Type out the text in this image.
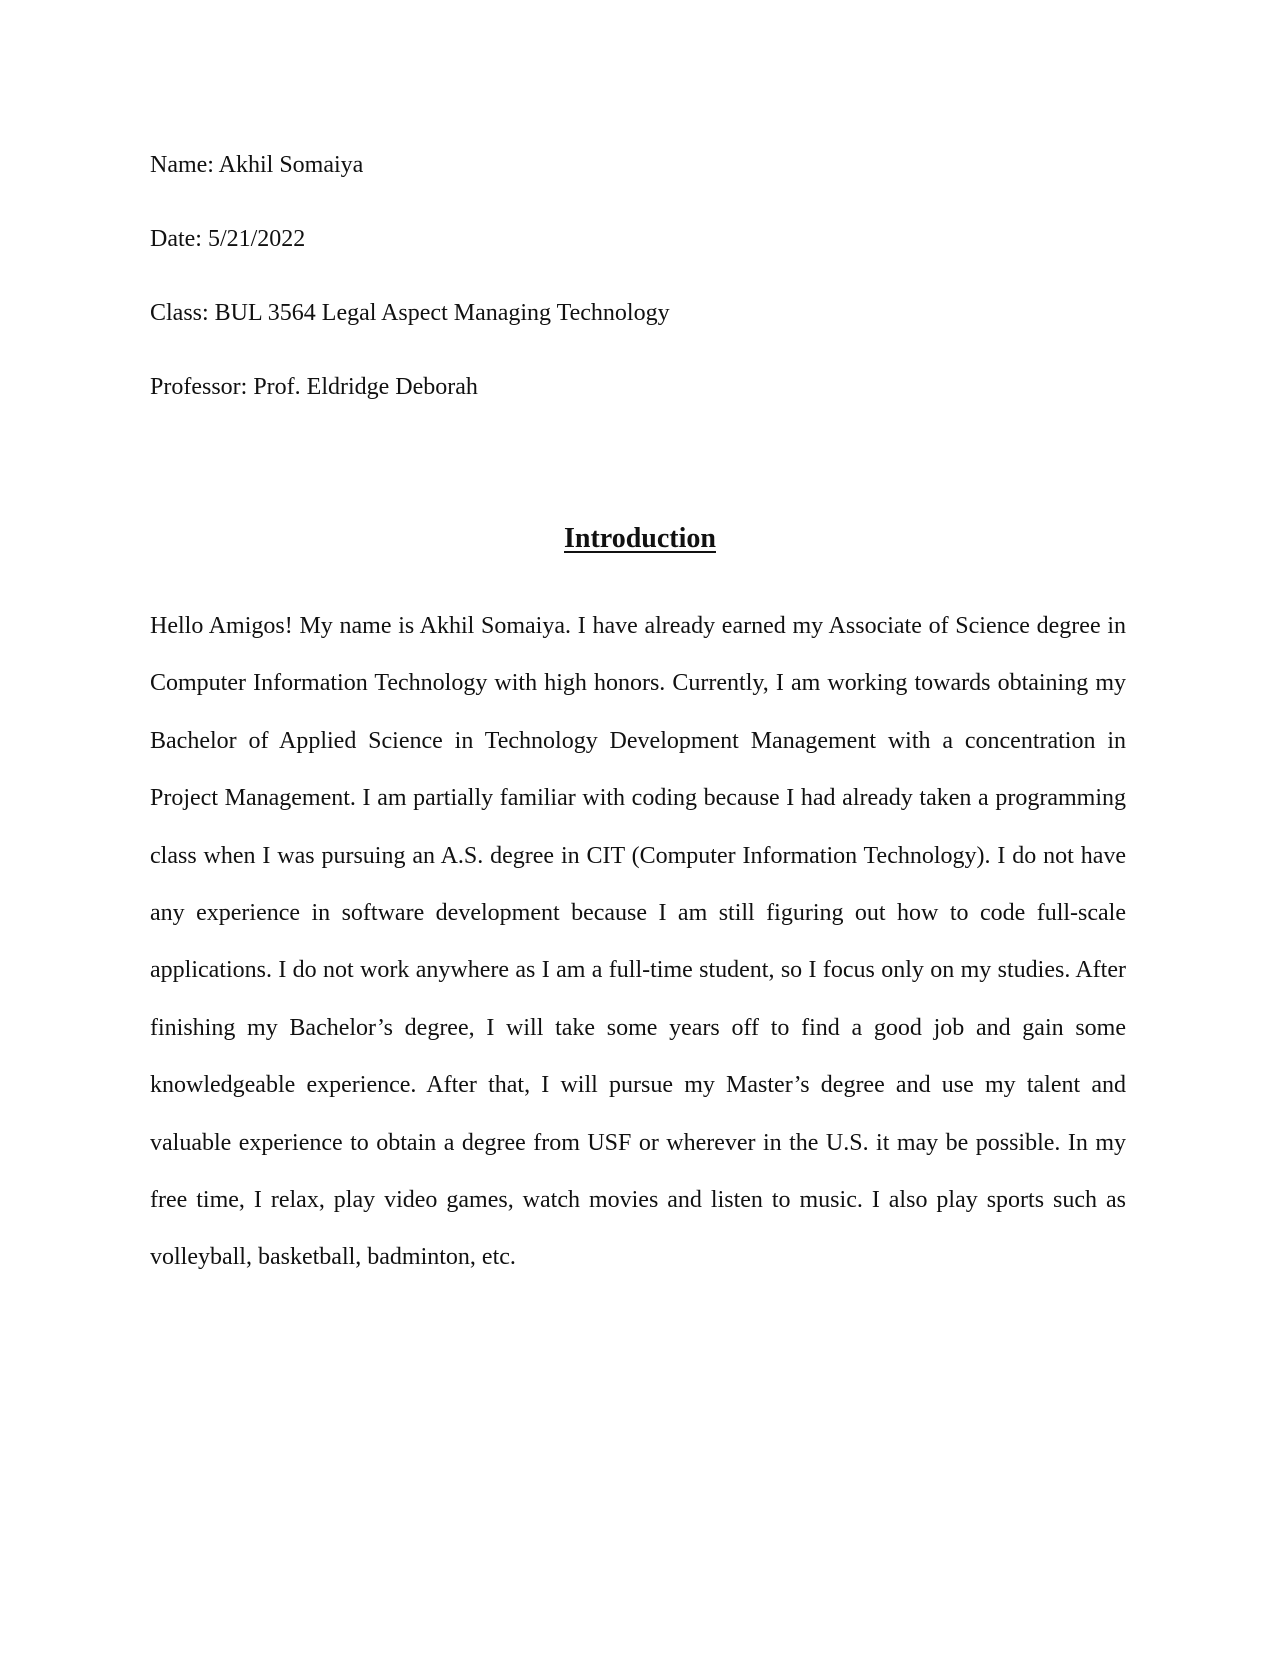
Name: Akhil Somaiya
Date: 5/21/2022
Class: BUL 3564 Legal Aspect Managing Technology
Professor: Prof. Eldridge Deborah
Introduction

Hello Amigos! My name is Akhil Somaiya. I have already earned my Associate of Science degree in Computer Information Technology with high honors. Currently, I am working towards obtaining my Bachelor of Applied Science in Technology Development Management with a concentration in Project Management. I am partially familiar with coding because I had already taken a programming class when I was pursuing an A.S. degree in CIT (Computer Information Technology). I do not have any experience in software development because I am still figuring out how to code full-scale applications. I do not work anywhere as I am a full-time student, so I focus only on my studies. After finishing my Bachelor’s degree, I will take some years off to find a good job and gain some knowledgeable experience. After that, I will pursue my Master’s degree and use my talent and valuable experience to obtain a degree from USF or wherever in the U.S. it may be possible. In my free time, I relax, play video games, watch movies and listen to music. I also play sports such as volleyball, basketball, badminton, etc.
